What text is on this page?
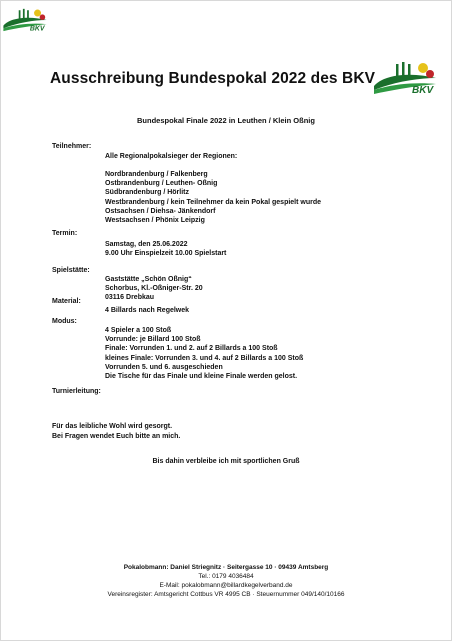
BKV
Ausschreibung Bundespokal 2022 des BKV
BKV
Bundespokal Finale 2022 in Leuthen / Klein Oßnig
Teilnehmer:
Alle Regionalpokalsieger der Regionen:
Nordbrandenburg / Falkenberg
Ostbrandenburg / Leuthen- Oßnig
Südbrandenburg / Hörlitz
Westbrandenburg / kein Teilnehmer da kein Pokal gespielt wurde
Ostsachsen / Diehsa- Jänkendorf
Westsachsen / Phönix Leipzig
Termin:
Samstag, den 25.06.2022
9.00 Uhr Einspielzeit 10.00 Spielstart
Spielstätte:
Gaststätte „Schön Oßnig“
Schorbus, Kl.-Oßniger-Str. 20
03116 Drebkau
Material:
4 Billards nach Regelwek
Modus:
4 Spieler a 100 Stoß
Vorrunde: je Billard 100 Stoß
Finale: Vorrunden 1. und 2. auf 2 Billards a 100 Stoß
kleines Finale: Vorrunden 3. und 4. auf 2 Billards a 100 Stoß
Vorrunden 5. und 6. ausgeschieden
Die Tische für das Finale und kleine Finale werden gelost.
Turnierleitung:
Für das leibliche Wohl wird gesorgt.
Bei Fragen wendet Euch bitte an mich.
Bis dahin verbleibe ich mit sportlichen Gruß
Pokalobmann: Daniel Striegnitz · Seitergasse 10 · 09439 Amtsberg
Tel.: 0179 4036484
E-Mail: pokalobmann@billardkegelverband.de
Vereinsregister: Amtsgericht Cottbus VR 4995 CB · Steuernummer 049/140/10166
